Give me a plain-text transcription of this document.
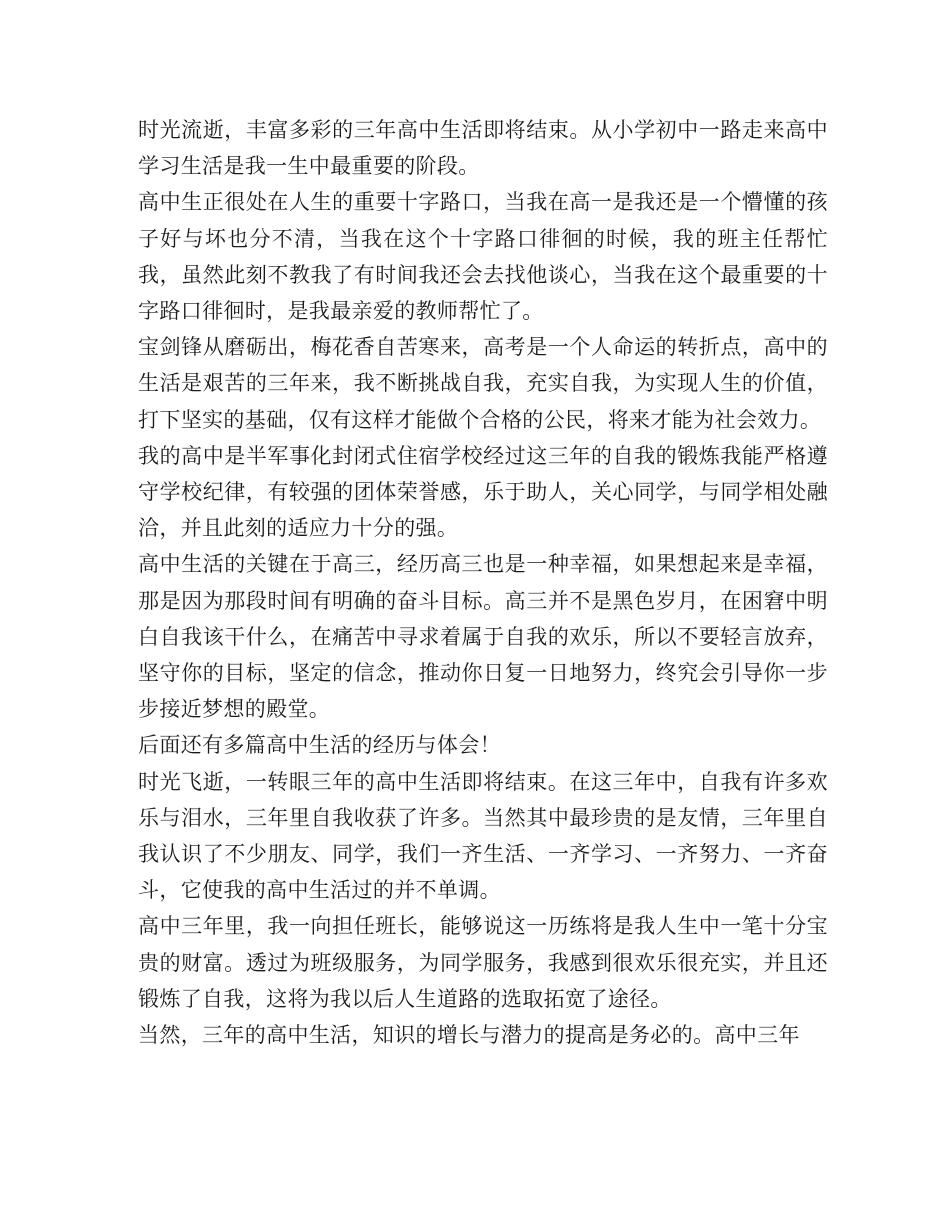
时光流逝，丰富多彩的三年高中生活即将结束。从小学初中一路走来高中学习生活是我一生中最重要的阶段。

高中生正很处在人生的重要十字路口，当我在高一是我还是一个懵懂的孩子好与坏也分不清，当我在这个十字路口徘徊的时候，我的班主任帮忙我，虽然此刻不教我了有时间我还会去找他谈心，当我在这个最重要的十字路口徘徊时，是我最亲爱的教师帮忙了。

宝剑锋从磨砺出，梅花香自苦寒来，高考是一个人命运的转折点，高中的生活是艰苦的三年来，我不断挑战自我，充实自我，为实现人生的价值，打下坚实的基础，仅有这样才能做个合格的公民，将来才能为社会效力。

我的高中是半军事化封闭式住宿学校经过这三年的自我的锻炼我能严格遵守学校纪律，有较强的团体荣誉感，乐于助人，关心同学，与同学相处融洽，并且此刻的适应力十分的强。

高中生活的关键在于高三，经历高三也是一种幸福，如果想起来是幸福，那是因为那段时间有明确的奋斗目标。高三并不是黑色岁月，在困窘中明白自我该干什么，在痛苦中寻求着属于自我的欢乐，所以不要轻言放弃，坚守你的目标，坚定的信念，推动你日复一日地努力，终究会引导你一步步接近梦想的殿堂。

后面还有多篇高中生活的经历与体会！

时光飞逝，一转眼三年的高中生活即将结束。在这三年中，自我有许多欢乐与泪水，三年里自我收获了许多。当然其中最珍贵的是友情，三年里自我认识了不少朋友、同学，我们一齐生活、一齐学习、一齐努力、一齐奋斗，它使我的高中生活过的并不单调。

高中三年里，我一向担任班长，能够说这一历练将是我人生中一笔十分宝贵的财富。透过为班级服务，为同学服务，我感到很欢乐很充实，并且还锻炼了自我，这将为我以后人生道路的选取拓宽了途径。

当然，三年的高中生活，知识的增长与潜力的提高是务必的。高中三年
